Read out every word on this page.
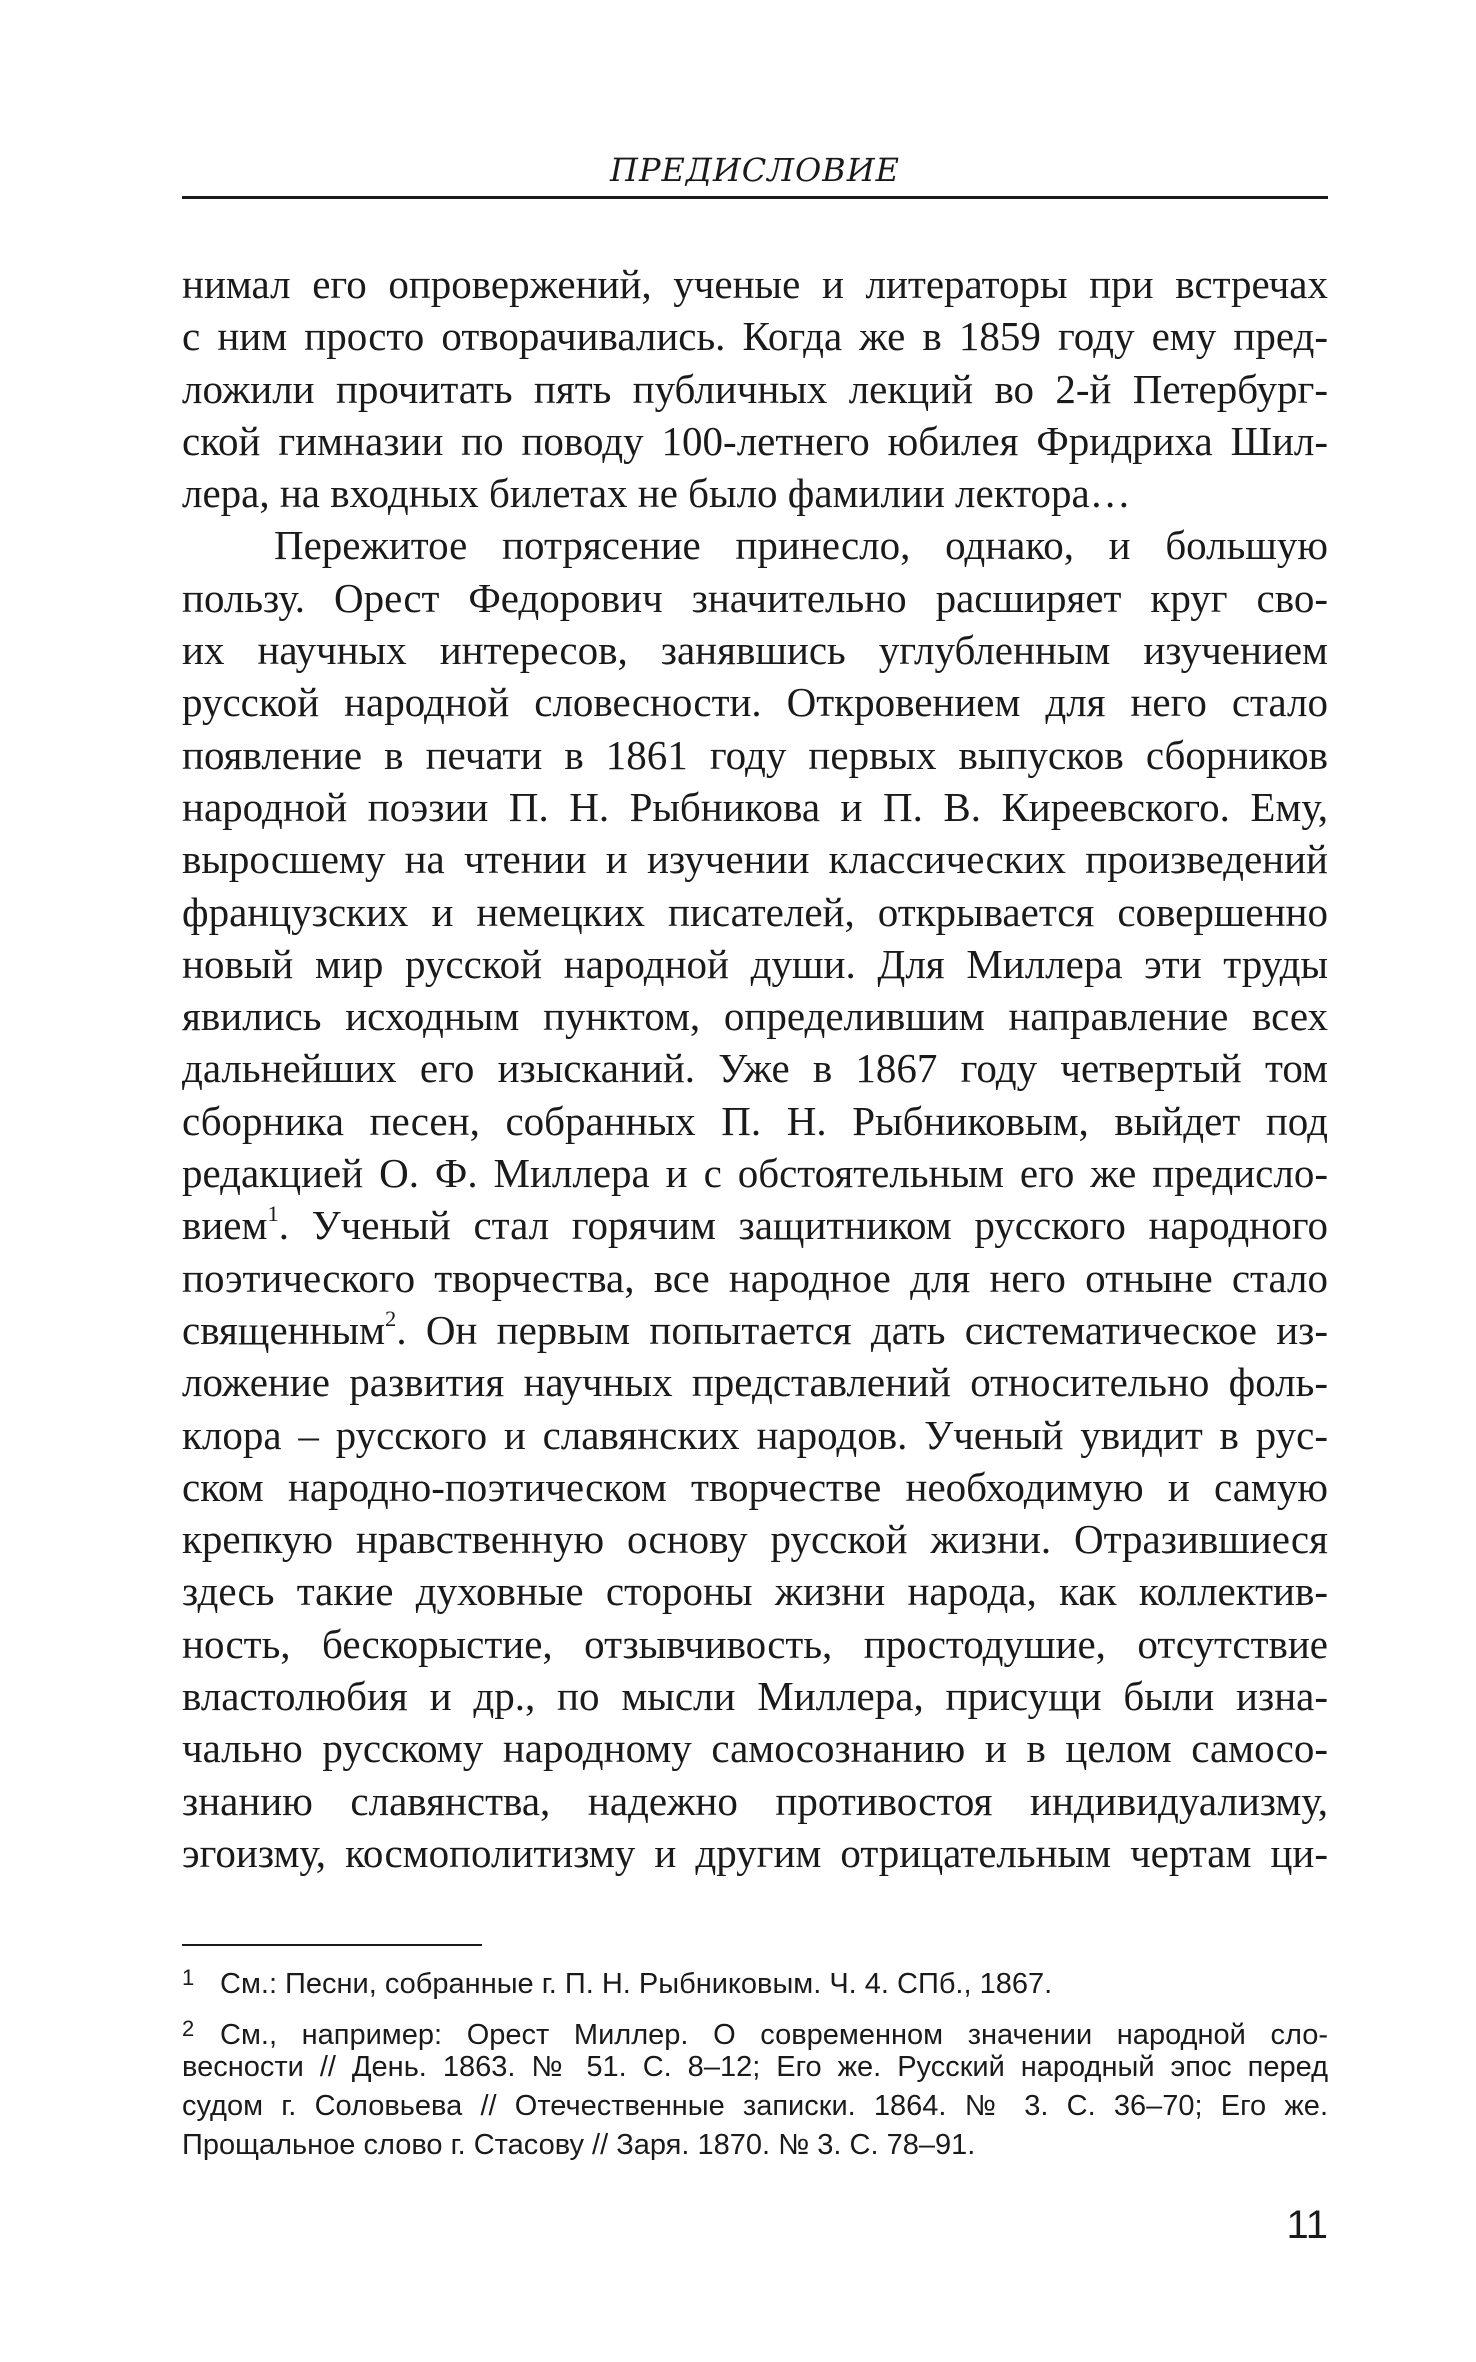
ПРЕДИСЛОВИЕ
нимал его опровержений, ученые и литераторы при встречах
с ним просто отворачивались. Когда же в 1859 году ему пред-
ложили прочитать пять публичных лекций во 2-й Петербург-
ской гимназии по поводу 100-летнего юбилея Фридриха Шил-
лера, на входных билетах не было фамилии лектора…
Пережитое потрясение принесло, однако, и большую
пользу. Орест Федорович значительно расширяет круг сво-
их научных интересов, занявшись углубленным изучением
русской народной словесности. Откровением для него стало
появление в печати в 1861 году первых выпусков сборников
народной поэзии П. Н. Рыбникова и П. В. Киреевского. Ему,
выросшему на чтении и изучении классических произведений
французских и немецких писателей, открывается совершенно
новый мир русской народной души. Для Миллера эти труды
явились исходным пунктом, определившим направление всех
дальнейших его изысканий. Уже в 1867 году четвертый том
сборника песен, собранных П. Н. Рыбниковым, выйдет под
редакцией О. Ф. Миллера и с обстоятельным его же предисло-
вием$^1$. Ученый стал горячим защитником русского народного
поэтического творчества, все народное для него отныне стало
священным$^2$. Он первым попытается дать систематическое из-
ложение развития научных представлений относительно фоль-
клора – русского и славянских народов. Ученый увидит в рус-
ском народно-поэтическом творчестве необходимую и самую
крепкую нравственную основу русской жизни. Отразившиеся
здесь такие духовные стороны жизни народа, как коллектив-
ность, бескорыстие, отзывчивость, простодушие, отсутствие
властолюбия и др., по мысли Миллера, присущи были изна-
чально русскому народному самосознанию и в целом самосо-
знанию славянства, надежно противостоя индивидуализму,
эгоизму, космополитизму и другим отрицательным чертам ци-
1 См.: Песни, собранные г. П. Н. Рыбниковым. Ч. 4. СПб., 1867.
2 См., например: Орест Миллер. О современном значении народной сло-
весности // День. 1863. № 51. С. 8–12; Его же. Русский народный эпос перед
судом г. Соловьева // Отечественные записки. 1864. № 3. С. 36–70; Его же.
Прощальное слово г. Стасову // Заря. 1870. № 3. С. 78–91.
11
